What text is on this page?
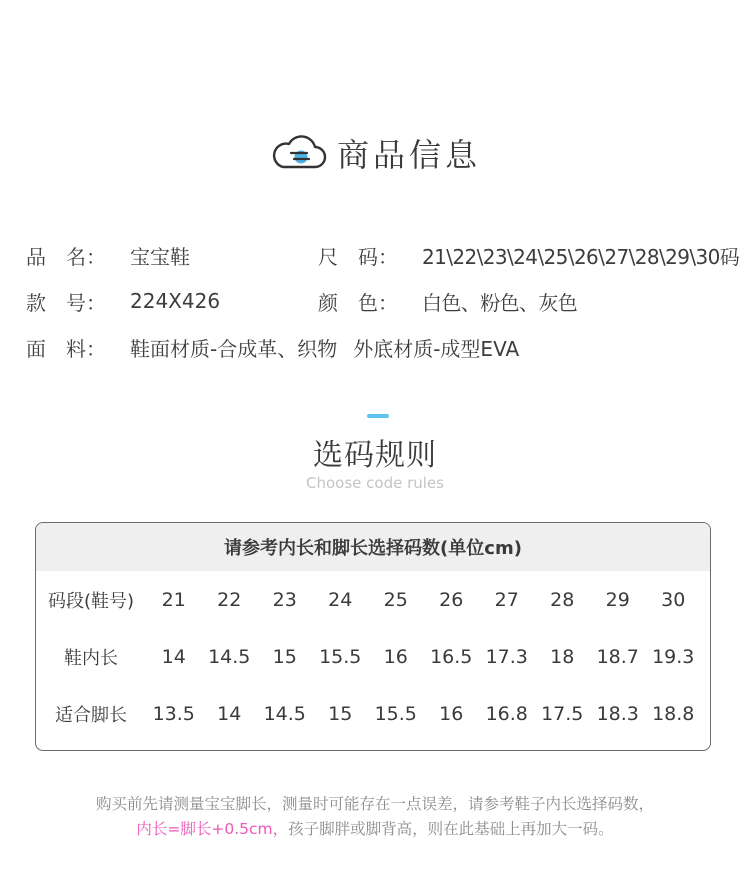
商品信息
品　名：	宝宝鞋	尺　码：	21\22\23\24\25\26\27\28\29\30码
款　号：	224X426	颜　色：	白色、粉色、灰色
面　料：	鞋面材质-合成革、织物 外底材质-成型EVA
选码规则
Choose code rules
请参考内长和脚长选择码数(单位cm)
码段(鞋号)	21	22	23	24	25	26	27	28	29	30
鞋内长	14	14.5	15	15.5	16	16.5 17.3	18	18.7 19.3
适合脚长	13.5	14	14.5	15	15.5	16	16.8 17.5 18.3 18.8
购买前先请测量宝宝脚长，测量时可能存在一点误差，请参考鞋子内长选择码数，
内长=脚长+0.5cm，孩子脚胖或脚背高，则在此基础上再加大一码。
